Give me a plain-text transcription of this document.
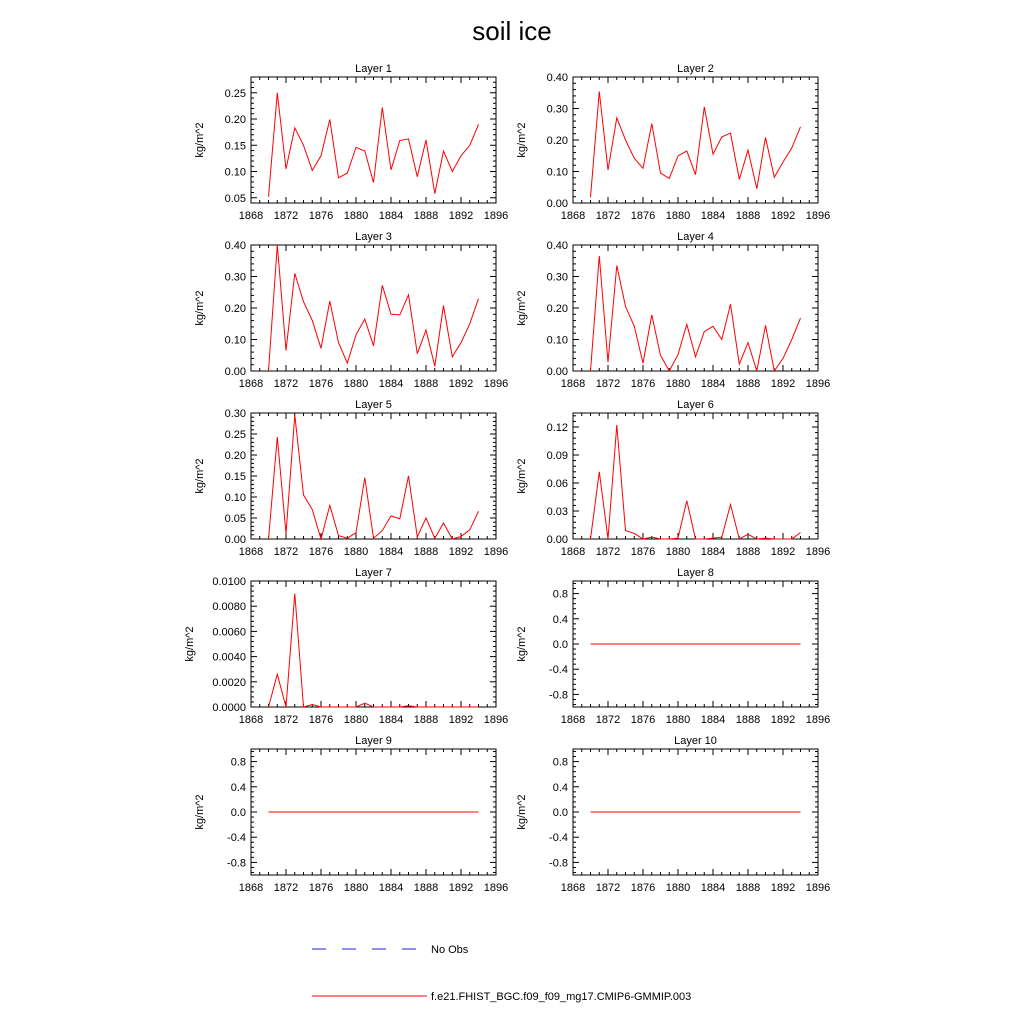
soil ice
1868 1872 1876 1880 1884 1888 1892 1896
0.05
0.10
0.15
0.20
0.25
Layer 1
kg/m^2
1868 1872 1876 1880 1884 1888 1892 1896
0.00
0.10
0.20
0.30
0.40
Layer 2
kg/m^2
1868 1872 1876 1880 1884 1888 1892 1896
0.00
0.10
0.20
0.30
0.40
Layer 3
kg/m^2
1868 1872 1876 1880 1884 1888 1892 1896
0.00
0.10
0.20
0.30
0.40
Layer 4
kg/m^2
1868 1872 1876 1880 1884 1888 1892 1896
0.00
0.05
0.10
0.15
0.20
0.25
0.30
Layer 5
kg/m^2
1868 1872 1876 1880 1884 1888 1892 1896
0.00
0.03
0.06
0.09
0.12
Layer 6
kg/m^2
1868 1872 1876 1880 1884 1888 1892 1896
0.0000
0.0020
0.0040
0.0060
0.0080
0.0100
Layer 7
kg/m^2
1868 1872 1876 1880 1884 1888 1892 1896
-0.8
-0.4
0.0
0.4
0.8
Layer 8
kg/m^2
1868 1872 1876 1880 1884 1888 1892 1896
-0.8
-0.4
0.0
0.4
0.8
Layer 9
kg/m^2
1868 1872 1876 1880 1884 1888 1892 1896
-0.8
-0.4
0.0
0.4
0.8
Layer 10
kg/m^2
No Obs
f.e21.FHIST_BGC.f09_f09_mg17.CMIP6-GMMIP.003
